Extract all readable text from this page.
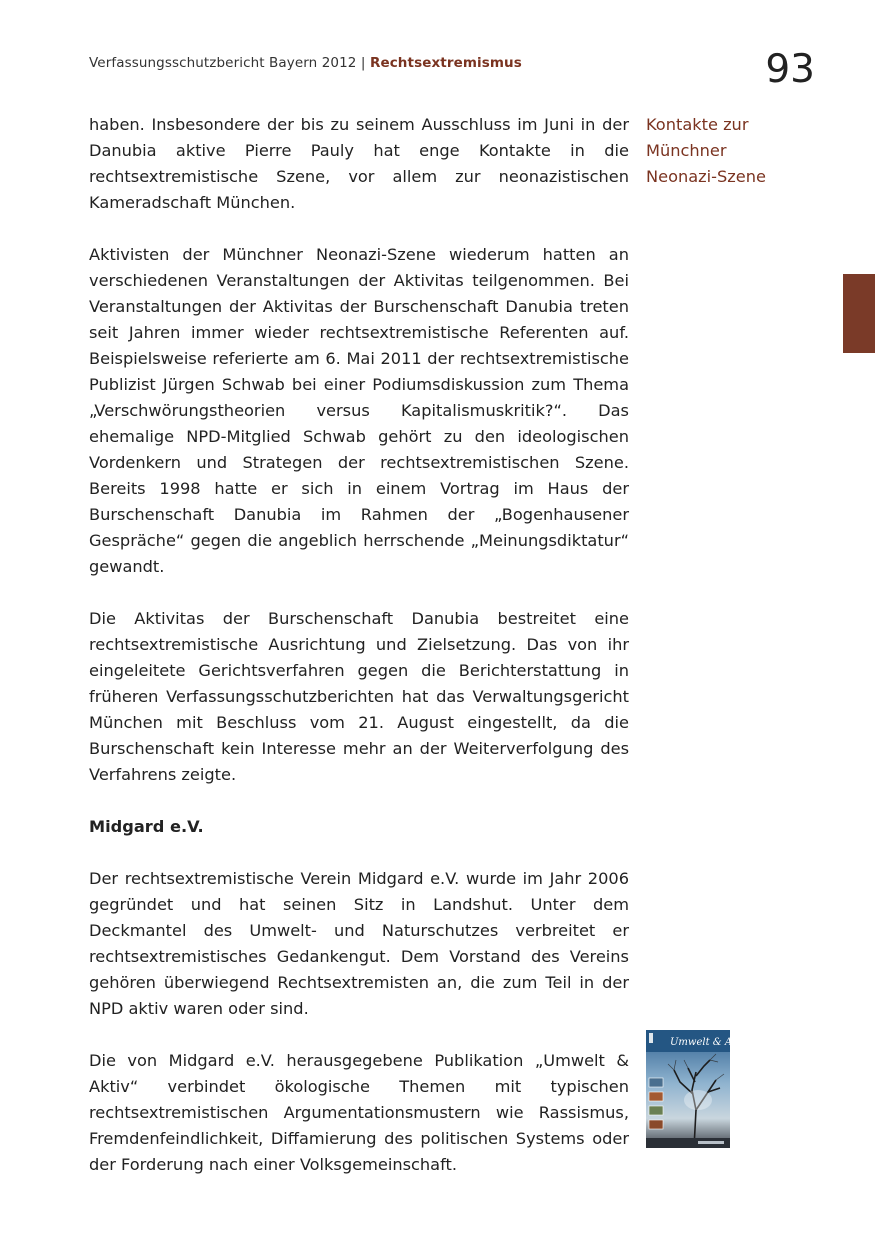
Verfassungsschutzbericht Bayern 2012 | Rechtsextremismus	93
Kontakte zur
Münchner
Neonazi-Szene

haben. Insbesondere der bis zu seinem Ausschluss im Juni in der Danubia aktive Pierre Pauly hat enge Kontakte in die rechtsextremistische Szene, vor allem zur neonazistischen Kameradschaft München.

Aktivisten der Münchner Neonazi-Szene wiederum hatten an verschiedenen Veranstaltungen der Aktivitas teilgenommen. Bei Veranstaltungen der Aktivitas der Burschenschaft Danubia treten seit Jahren immer wieder rechtsextremistische Referenten auf. Beispielsweise referierte am 6. Mai 2011 der rechtsextremistische Publizist Jürgen Schwab bei einer Podiumsdiskussion zum Thema „Verschwörungstheorien versus Kapitalismuskritik?“. Das ehemalige NPD-Mitglied Schwab gehört zu den ideologischen Vordenkern und Strategen der rechtsextremistischen Szene. Bereits 1998 hatte er sich in einem Vortrag im Haus der Burschenschaft Danubia im Rahmen der „Bogenhausener Gespräche“ gegen die angeblich herrschende „Meinungsdiktatur“ gewandt.

Die Aktivitas der Burschenschaft Danubia bestreitet eine rechtsextremistische Ausrichtung und Zielsetzung. Das von ihr eingeleitete Gerichtsverfahren gegen die Berichterstattung in früheren Verfassungsschutzberichten hat das Verwaltungsgericht München mit Beschluss vom 21. August eingestellt, da die Burschenschaft kein Interesse mehr an der Weiterverfolgung des Verfahrens zeigte.

Midgard e.V.

Der rechtsextremistische Verein Midgard e.V. wurde im Jahr 2006 gegründet und hat seinen Sitz in Landshut. Unter dem Deckmantel des Umwelt- und Naturschutzes verbreitet er rechtsextremistisches Gedankengut. Dem Vorstand des Vereins gehören überwiegend Rechtsextremisten an, die zum Teil in der NPD aktiv waren oder sind.

Die von Midgard e.V. herausgegebene Publikation „Umwelt & Aktiv“ verbindet ökologische Themen mit typischen rechtsextremistischen Argumentationsmustern wie Rassismus, Fremdenfeindlichkeit, Diffamierung des politischen Systems oder der Forderung nach einer Volksgemeinschaft.

Umwelt & Aktiv
